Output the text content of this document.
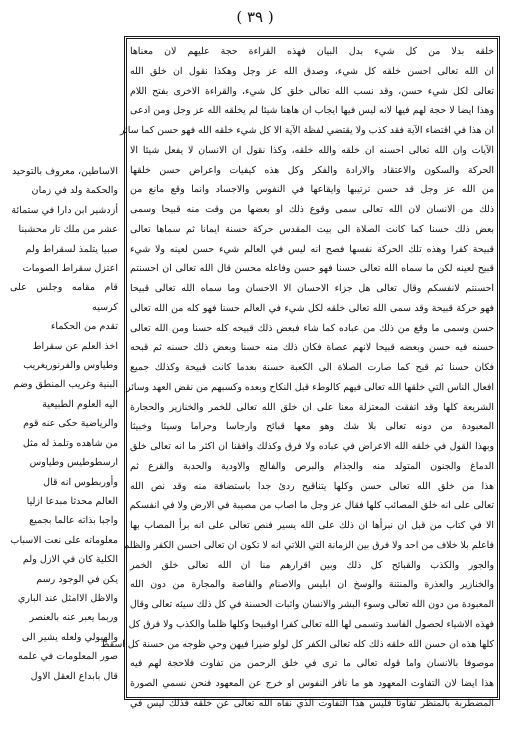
( ٣٩ )

الاساطين، معروف بالتوحيد

والحكمة ولد في زمان

أزدشير ابن دارا في ستمائة

عشر من ملك تار محشبنا

صبيا يتلمذ لسقراط ولم

اعتزل سقراط الصومات

قام مقامه وجلس على كرسيه

تقدم من الحكماء

اخذ العلم عن سقراط

وطياوس والفرنوريغريب

البنية وغريب المنطق وضم

اليه العلوم الطبيعية

والرياضية حكى عنه قوم

من شاهده وتلمذ له مثل

ارسطوطيس وطياوس

وأوربطوس انه قال

العالم محدثا مبدعا ازليا

واجبا بذاته عالما بجميع

معلوماته على نعت الاسباب

الكلية كان في الازل ولم

يكن في الوجود رسم

والاظل الاامثل عند الباري

وربما يعبر عنه بالعنصر

والهيولي ولعله يشير الى

صور المعلومات في علمه

قال بابداع العقل الاول

خلقه بدلا من كل شيء بدل البيان فهذه القراءة حجة عليهم لان معناها
ان الله تعالى احسن خلقه كل شيء، وصدق الله عز وجل وهكذا نقول ان خلق الله
تعالى لكل شيء حسن، وقد نسب الله تعالى خلق كل شيء، والقراءة الاخرى بفتح اللام
وهذا ايضا لا حجة لهم فيها لانه ليس فيها ايجاب ان هاهنا شيئا لم يخلقه الله عز وجل ومن ادعى
ان هذا في اقتضاء الآية فقد كذب ولا يقتضي لفظة الآية الا كل شيء خلقه الله فهو حسن كما سائر
الآيات وان الله تعالى احسنه ان خلقه والله خلقه، وكذا نقول ان الانسان لا يفعل شيئا الا
الحركة والسكون والاعتقاد والارادة والفكر وكل هذه كيفيات واعراض حسن خلقها
من الله عز وجل قد حسن ترتيبها وايقاعها في النفوس والاجساد وانما وقع مانع من
ذلك من الانسان لان الله تعالى سمى وقوع ذلك او بعضها من وقت منه قبيحا وسمى
بعض ذلك حسنا كما كانت الصلاة الى بيت المقدس حركة حسنة ايمانا ثم سماها تعالى
قبيحة كفرا وهذه تلك الحركة نفسها فصح انه ليس في العالم شيء حسن لعينه ولا شيء
قبيح لعينه لكن ما سماه الله تعالى حسنا فهو حسن وفاعله محسن قال الله تعالى ان احسنتم
احسنتم لانفسكم وقال تعالى هل جزاء الاحسان الا الاحسان وما سماه الله تعالى قبيحا
فهو حركة قبيحة وقد سمى الله تعالى خلقه لكل شيء في العالم حسنا فهو كله من الله تعالى
حسن وسمى ما وقع من ذلك من عباده كما شاء فبعض ذلك قبيحه كله حسنا ومن الله تعالى
حسنه فيه حسن وبعضه قبيحا لانهم عصاة فكان ذلك منه حسنا وبعض ذلك حسنه ثم قبحه
فكان حسنا ثم قبح كما صارت الصلاة الى الكعبة حسنة بعدما كانت قبيحة وكذلك جميع
افعال الناس التي خلقها الله تعالى فيهم كالوطء قبل النكاح وبعده وكسبهم من نقض العهد وسائر
الشريعة كلها وقد اتفقت المعتزلة معنا على ان خلق الله تعالى للخمر والخنازير والحجارة
المعبودة من دونه تعالى بلا شك وهو معها قبائح وارجاسا وحراما وسيئا وخبيثا
وبهذا القول في خلقه الله الاعراض في عباده ولا فرق وكذلك وافقنا ان اكثر ما انه تعالى خلق
الدماغ والجنون المتولد منه والجذام والبرص والفالج والاودية والحدبة والقرع ثم
هذا من خلق الله تعالى حسن وكلها يتناقيح ردئ جدا باستضافة منه وقد نص الله
تعالى على انه خلق المصائب كلها فقال عز وجل ما اصاب من مصيبة في الارض ولا في انفسكم
الا في كتاب من قبل ان نبرأها ان ذلك على الله يسير فنص تعالى على انه برأ المصاب بها
فاعلم بلا خلاف من احد ولا فرق بين الزمانة التي اللاتي انه لا تكون ان تعالى احسن الكفر والظلم
والجور والكذب والقبائح كل ذلك وبين اقرارهم منا ان الله تعالى خلق الخمر
والخنازير والعذرة والمنتنة والوسخ ان ابليس والاصنام والقاصة والمجارة من دون الله
المعبودة من دون الله تعالى وسوء البشر والانسان واثبات الحسنة في كل ذلك سيئه تعالى وقال
فهذه الاشياء لحصول الفاسد وتسمى لها الله تعالى كفرا اوقبيحا وكلها ظلما والكذب ولا فرق كل
كلها هذه ان حسن الله خلقه ذلك كله تعالى الكفر كل لولو ضيرا فيهن وحي ظوجه من حسنة كل اسقط
موصوفا بالانسان واما قوله تعالى ما ترى في خلق الرحمن من تفاوت فلاحجة لهم فيه
هذا ايضا لان التفاوت المعهود هو ما نافر النفوس او خرج عن المعهود فنحن نسمي الصورة
المضطربة بالمنظر تفاوتا فليس هذا التفاوت الذي نفاه الله تعالى عن خلقه فذلك ليس في
